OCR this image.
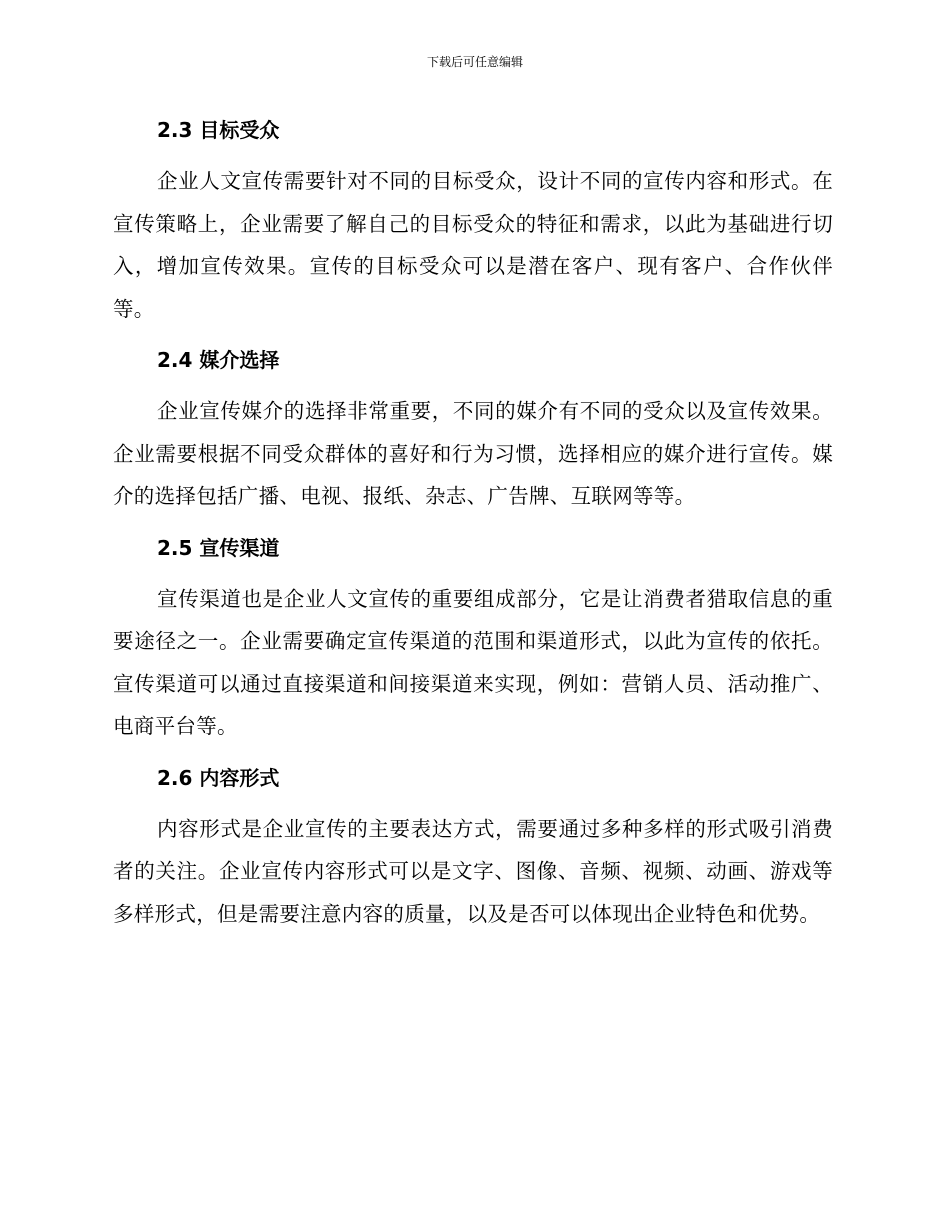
下载后可任意编辑
2.3 目标受众

企业人文宣传需要针对不同的目标受众，设计不同的宣传内容和形式。在宣传策略上，企业需要了解自己的目标受众的特征和需求，以此为基础进行切入，增加宣传效果。宣传的目标受众可以是潜在客户、现有客户、合作伙伴等。

2.4 媒介选择

企业宣传媒介的选择非常重要，不同的媒介有不同的受众以及宣传效果。企业需要根据不同受众群体的喜好和行为习惯，选择相应的媒介进行宣传。媒介的选择包括广播、电视、报纸、杂志、广告牌、互联网等等。

2.5 宣传渠道

宣传渠道也是企业人文宣传的重要组成部分，它是让消费者猎取信息的重要途径之一。企业需要确定宣传渠道的范围和渠道形式，以此为宣传的依托。宣传渠道可以通过直接渠道和间接渠道来实现，例如：营销人员、活动推广、电商平台等。

2.6 内容形式

内容形式是企业宣传的主要表达方式，需要通过多种多样的形式吸引消费者的关注。企业宣传内容形式可以是文字、图像、音频、视频、动画、游戏等多样形式，但是需要注意内容的质量，以及是否可以体现出企业特色和优势。
